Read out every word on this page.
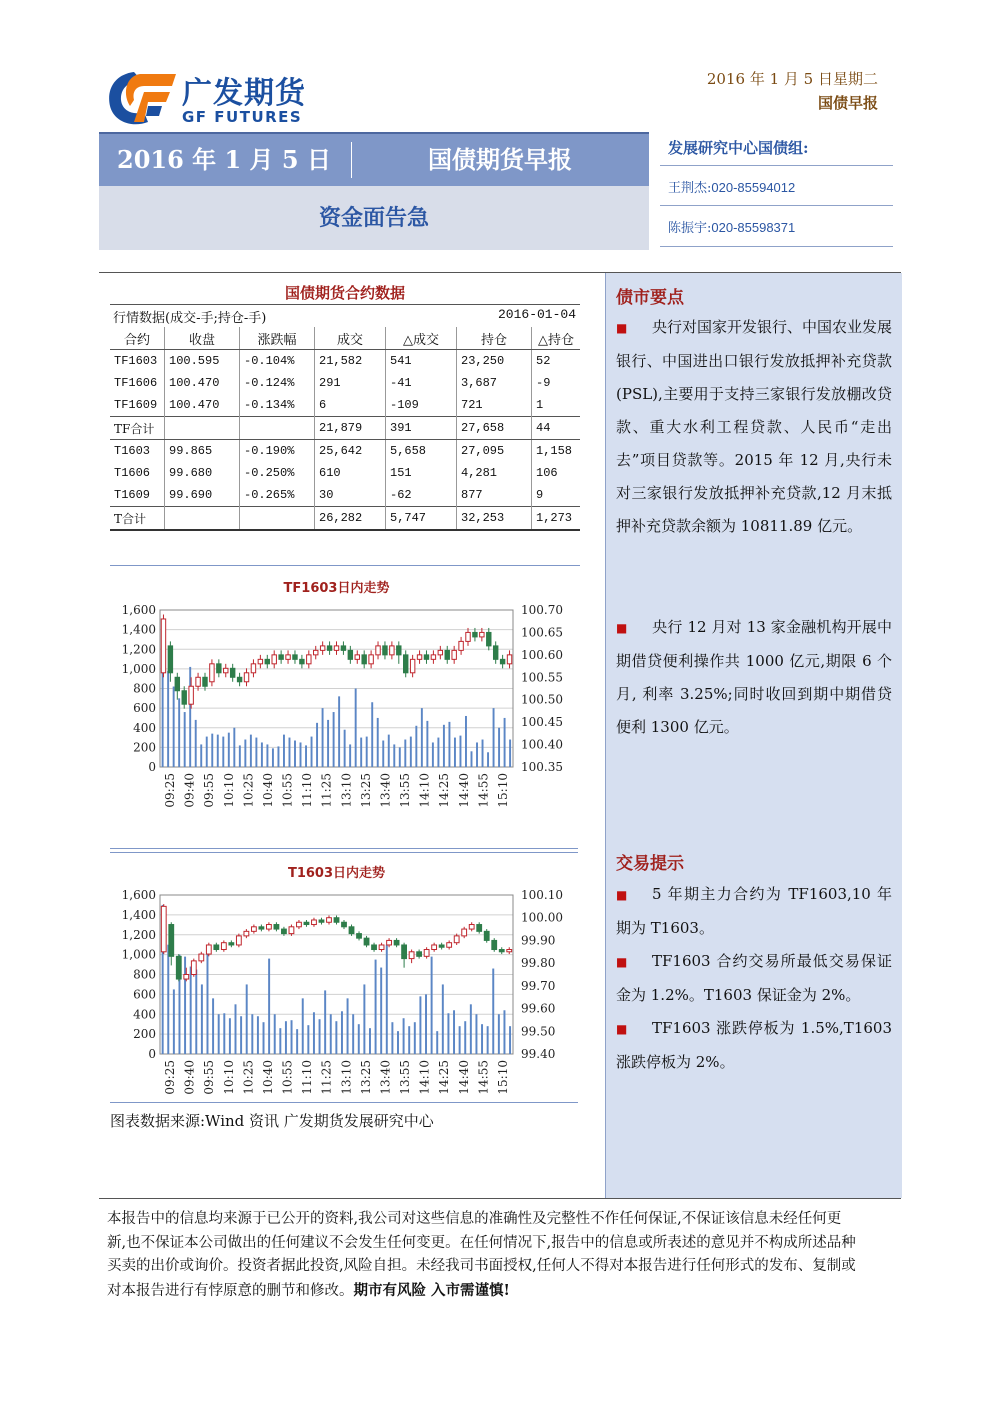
广发期货
GF FUTURES
2016 年 1 月 5 日星期二
国债早报
2016 年 1 月 5 日	国债期货早报
资金面告急
发展研究中心国债组:
王荆杰:020-85594012
陈振宇:020-85598371
债市要点
■ 央行对国家开发银行、中国农业发展银行、中国进出口银行发放抵押补充贷款(PSL),主要用于支持三家银行发放棚改贷款、重大水利工程贷款、人民币“走出去”项目贷款等。2015 年 12 月,央行未对三家银行发放抵押补充贷款,12 月末抵押补充贷款余额为 10811.89 亿元。
■ 央行 12 月对 13 家金融机构开展中期借贷便利操作共 1000 亿元,期限 6 个月, 利率 3.25%;同时收回到期中期借贷便利 1300 亿元。
交易提示
■ 5 年期主力合约为 TF1603,10 年期为 T1603。
■ TF1603 合约交易所最低交易保证金为 1.2%。T1603 保证金为 2%。
■ TF1603 涨跌停板为 1.5%,T1603 涨跌停板为 2%。
国债期货合约数据
行情数据(成交-手;持仓-手)	2016-01-04
合约	收盘	涨跌幅	成交	△成交	持仓	△持仓
TF1603	100.595	-0.104%	21,582	541	23,250	52
TF1606	100.470	-0.124%	291	-41	3,687	-9
TF1609	100.470	-0.134%	6	-109	721	1
TF合计			21,879	391	27,658	44
T1603	99.865	-0.190%	25,642	5,658	27,095	1,158
T1606	99.680	-0.250%	610	151	4,281	106
T1609	99.690	-0.265%	30	-62	877	9
T合计			26,282	5,747	32,253	1,273
TF1603日内走势
0
200
400
600
800
1,000
1,200
1,400
1,600
100.35
100.40
100.45
100.50
100.55
100.60
100.65
100.70
09:25 09:40 09:55 10:10 10:25 10:40 10:55 11:10 11:25 13:10 13:25 13:40 13:55 14:10 14:25 14:40 14:55 15:10
T1603日内走势
0
200
400
600
800
1,000
1,200
1,400
1,600
99.40
99.50
99.60
99.70
99.80
99.90
100.00
100.10
09:25 09:40 09:55 10:10 10:25 10:40 10:55 11:10 11:25 13:10 13:25 13:40 13:55 14:10 14:25 14:40 14:55 15:10
图表数据来源:Wind 资讯 广发期货发展研究中心
本报告中的信息均来源于已公开的资料,我公司对这些信息的准确性及完整性不作任何保证,不保证该信息未经任何更新,也不保证本公司做出的任何建议不会发生任何变更。在任何情况下,报告中的信息或所表述的意见并不构成所述品种买卖的出价或询价。投资者据此投资,风险自担。未经我司书面授权,任何人不得对本报告进行任何形式的发布、复制或对本报告进行有悖原意的删节和修改。期市有风险 入市需谨慎!
